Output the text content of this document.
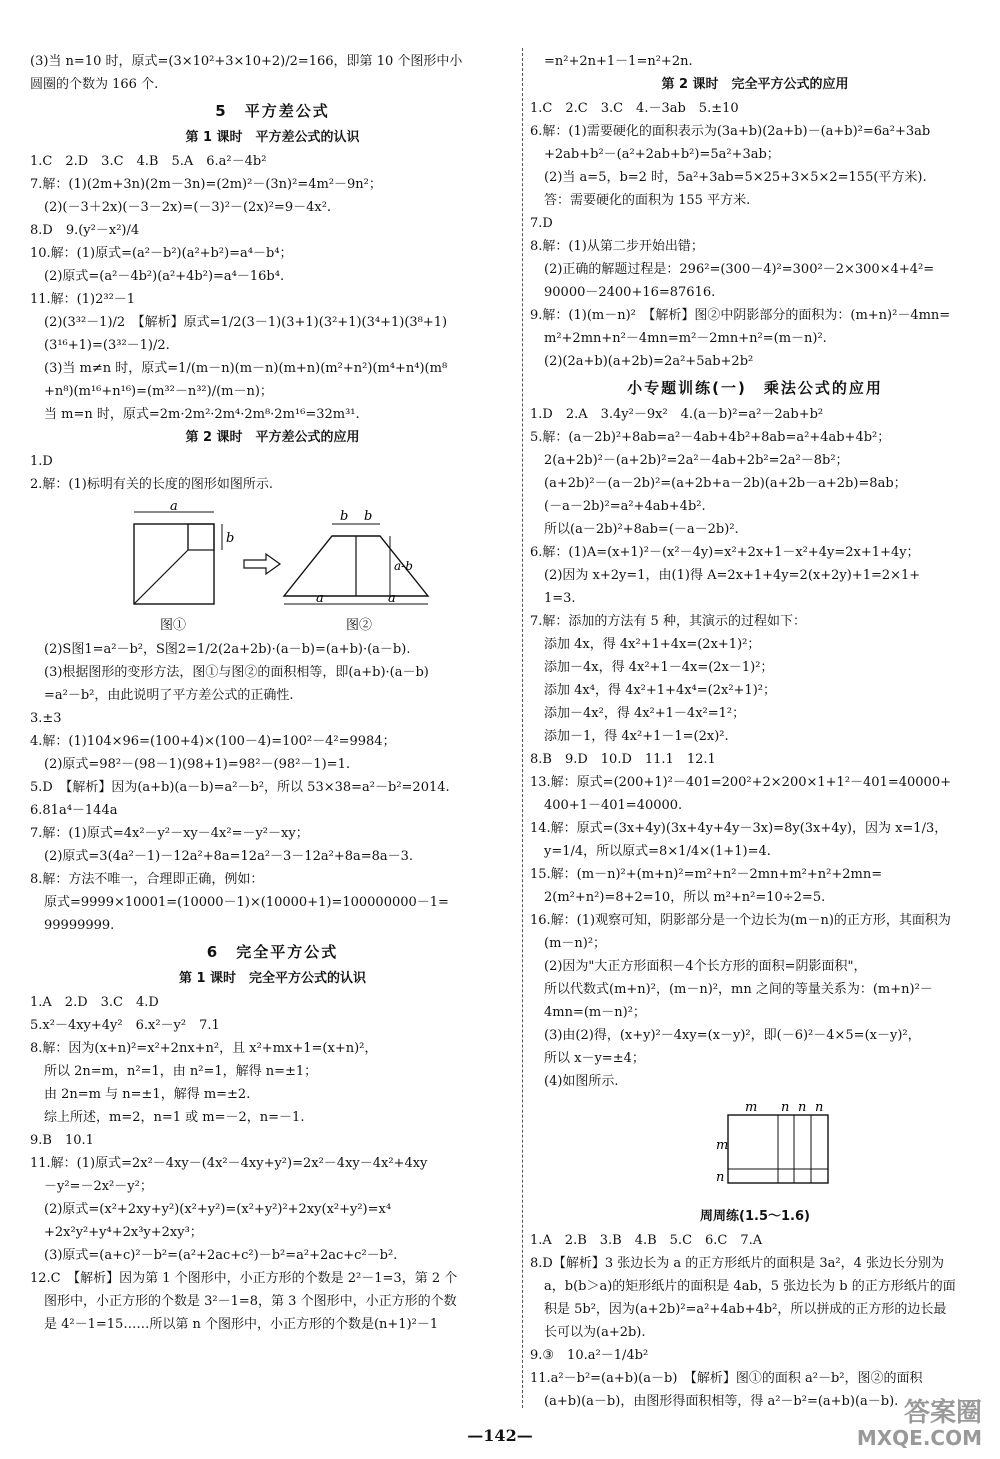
(3)当 n=10 时，原式=(3×10²+3×10+2)/2=166，即第 10 个图形中小
圆圈的个数为 166 个.
5　平方差公式
第 1 课时　平方差公式的认识
1.C　2.D　3.C　4.B　5.A　6.a²－4b²
7.解：(1)(2m+3n)(2m－3n)=(2m)²－(3n)²=4m²－9n²；
(2)(－3＋2x)(－3－2x)=(－3)²－(2x)²=9－4x².
8.D　9.(y²－x²)/4
10.解：(1)原式=(a²－b²)(a²+b²)=a⁴－b⁴；
(2)原式=(a²－4b²)(a²+4b²)=a⁴－16b⁴.
11.解：(1)2³²－1
(2)(3³²－1)/2　【解析】原式=1/2(3－1)(3+1)(3²+1)(3⁴+1)(3⁸+1)
(3¹⁶+1)=(3³²－1)/2.
(3)当 m≠n 时，原式=1/(m－n)(m－n)(m+n)(m²+n²)(m⁴+n⁴)(m⁸
+n⁸)(m¹⁶+n¹⁶)=(m³²－n³²)/(m－n)；
当 m=n 时，原式=2m·2m²·2m⁴·2m⁸·2m¹⁶=32m³¹.
第 2 课时　平方差公式的应用
1.D
2.解：(1)标明有关的长度的图形如图所示.
a
b
b b
a-b
a	a
图①	图②
(2)S图1=a²－b²，S图2=1/2(2a+2b)·(a－b)=(a+b)·(a－b).
(3)根据图形的变形方法，图①与图②的面积相等，即(a+b)·(a－b)
=a²－b²，由此说明了平方差公式的正确性.
3.±3
4.解：(1)104×96=(100+4)×(100－4)=100²－4²=9984；
(2)原式=98²－(98－1)(98+1)=98²－(98²－1)=1.
5.D　【解析】因为(a+b)(a－b)=a²－b²，所以 53×38=a²－b²=2014.
6.81a⁴－144a
7.解：(1)原式=4x²－y²－xy－4x²=－y²－xy；
(2)原式=3(4a²－1)－12a²+8a=12a²－3－12a²+8a=8a－3.
8.解：方法不唯一，合理即正确，例如：
原式=9999×10001=(10000－1)×(10000+1)=100000000－1=
99999999.
6　完全平方公式
第 1 课时　完全平方公式的认识
1.A　2.D　3.C　4.D
5.x²－4xy+4y²　6.x²－y²　7.1
8.解：因为(x+n)²=x²+2nx+n²，且 x²+mx+1=(x+n)²，
所以 2n=m，n²=1，由 n²=1，解得 n=±1；
由 2n=m 与 n=±1，解得 m=±2.
综上所述，m=2，n=1 或 m=－2，n=－1.
9.B　10.1
11.解：(1)原式=2x²－4xy－(4x²－4xy+y²)=2x²－4xy－4x²+4xy
－y²=－2x²－y²；
(2)原式=(x²+2xy+y²)(x²+y²)=(x²+y²)²+2xy(x²+y²)=x⁴
+2x²y²+y⁴+2x³y+2xy³；
(3)原式=(a+c)²－b²=(a²+2ac+c²)－b²=a²+2ac+c²－b².
12.C　【解析】因为第 1 个图形中，小正方形的个数是 2²－1=3，第 2 个
图形中，小正方形的个数是 3²－1=8，第 3 个图形中，小正方形的个数
是 4²－1=15……所以第 n 个图形中，小正方形的个数是(n+1)²－1
=n²+2n+1－1=n²+2n.
第 2 课时　完全平方公式的应用
1.C　2.C　3.C　4.－3ab　5.±10
6.解：(1)需要硬化的面积表示为(3a+b)(2a+b)－(a+b)²=6a²+3ab
+2ab+b²－(a²+2ab+b²)=5a²+3ab；
(2)当 a=5，b=2 时，5a²+3ab=5×25+3×5×2=155(平方米).
答：需要硬化的面积为 155 平方米.
7.D
8.解：(1)从第二步开始出错；
(2)正确的解题过程是：296²=(300－4)²=300²－2×300×4+4²=
90000－2400+16=87616.
9.解：(1)(m－n)²　【解析】图②中阴影部分的面积为：(m+n)²－4mn=
m²+2mn+n²－4mn=m²－2mn+n²=(m－n)².
(2)(2a+b)(a+2b)=2a²+5ab+2b²
小专题训练(一)　乘法公式的应用
1.D　2.A　3.4y²－9x²　4.(a－b)²=a²－2ab+b²
5.解：(a－2b)²+8ab=a²－4ab+4b²+8ab=a²+4ab+4b²；
2(a+2b)²－(a+2b)²=2a²－4ab+2b²=2a²－8b²；
(a+2b)²－(a－2b)²=(a+2b+a－2b)(a+2b－a+2b)=8ab；
(－a－2b)²=a²+4ab+4b².
所以(a－2b)²+8ab=(－a－2b)².
6.解：(1)A=(x+1)²－(x²－4y)=x²+2x+1－x²+4y=2x+1+4y；
(2)因为 x+2y=1，由(1)得 A=2x+1+4y=2(x+2y)+1=2×1+
1=3.
7.解：添加的方法有 5 种，其演示的过程如下：
添加 4x，得 4x²+1+4x=(2x+1)²；
添加－4x，得 4x²+1－4x=(2x－1)²；
添加 4x⁴，得 4x²+1+4x⁴=(2x²+1)²；
添加－4x²，得 4x²+1－4x²=1²；
添加－1，得 4x²+1－1=(2x)².
8.B　9.D　10.D　11.1　12.1
13.解：原式=(200+1)²－401=200²+2×200×1+1²－401=40000+
400+1－401=40000.
14.解：原式=(3x+4y)(3x+4y+4y－3x)=8y(3x+4y)，因为 x=1/3，
y=1/4，所以原式=8×1/4×(1+1)=4.
15.解：(m－n)²+(m+n)²=m²+n²－2mn+m²+n²+2mn=
2(m²+n²)=8+2=10，所以 m²+n²=10÷2=5.
16.解：(1)观察可知，阴影部分是一个边长为(m－n)的正方形，其面积为
(m－n)²；
(2)因为"大正方形面积－4个长方形的面积=阴影面积"，
所以代数式(m+n)²，(m－n)²，mn 之间的等量关系为：(m+n)²－
4mn=(m－n)²；
(3)由(2)得，(x+y)²－4xy=(x－y)²，即(－6)²－4×5=(x－y)²，
所以 x－y=±4；
(4)如图所示.
m n n n
m
n
周周练(1.5～1.6)
1.A　2.B　3.B　4.B　5.C　6.C　7.A
8.D【解析】3 张边长为 a 的正方形纸片的面积是 3a²，4 张边长分别为
a，b(b＞a)的矩形纸片的面积是 4ab，5 张边长为 b 的正方形纸片的面
积是 5b²，因为(a+2b)²=a²+4ab+4b²，所以拼成的正方形的边长最
长可以为(a+2b).
9.③　10.a²－1/4b²
11.a²－b²=(a+b)(a－b)　【解析】图①的面积 a²－b²，图②的面积
(a+b)(a－b)，由图形得面积相等，得 a²－b²=(a+b)(a－b).
—142—
答案圈
MXQE.COM
